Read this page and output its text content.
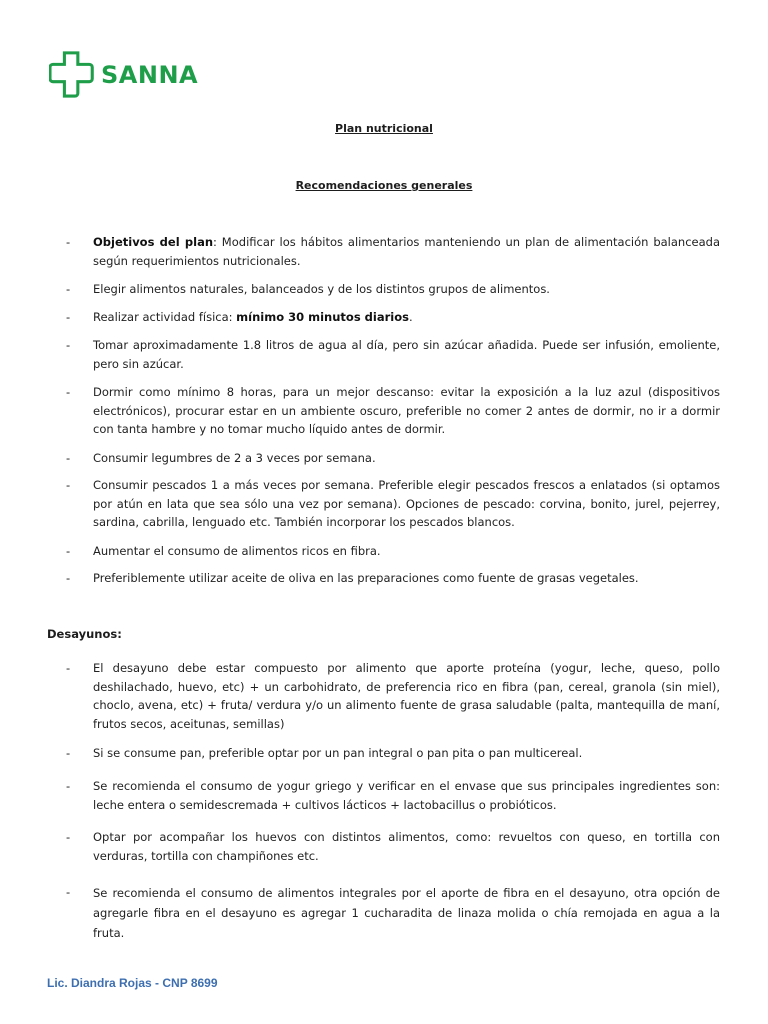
SANNA
Plan nutricional
Recomendaciones generales
- Objetivos del plan: Modificar los hábitos alimentarios manteniendo un plan de alimentación balanceada según requerimientos nutricionales.
- Elegir alimentos naturales, balanceados y de los distintos grupos de alimentos.
- Realizar actividad física: mínimo 30 minutos diarios.
- Tomar aproximadamente 1.8 litros de agua al día, pero sin azúcar añadida. Puede ser infusión, emoliente, pero sin azúcar.
- Dormir como mínimo 8 horas, para un mejor descanso: evitar la exposición a la luz azul (dispositivos electrónicos), procurar estar en un ambiente oscuro, preferible no comer 2 antes de dormir, no ir a dormir con tanta hambre y no tomar mucho líquido antes de dormir.
- Consumir legumbres de 2 a 3 veces por semana.
- Consumir pescados 1 a más veces por semana. Preferible elegir pescados frescos a enlatados (si optamos por atún en lata que sea sólo una vez por semana). Opciones de pescado: corvina, bonito, jurel, pejerrey, sardina, cabrilla, lenguado etc. También incorporar los pescados blancos.
- Aumentar el consumo de alimentos ricos en fibra.
- Preferiblemente utilizar aceite de oliva en las preparaciones como fuente de grasas vegetales.
Desayunos:
- El desayuno debe estar compuesto por alimento que aporte proteína (yogur, leche, queso, pollo deshilachado, huevo, etc) + un carbohidrato, de preferencia rico en fibra (pan, cereal, granola (sin miel), choclo, avena, etc) + fruta/ verdura y/o un alimento fuente de grasa saludable (palta, mantequilla de maní, frutos secos, aceitunas, semillas)
- Si se consume pan, preferible optar por un pan integral o pan pita o pan multicereal.
- Se recomienda el consumo de yogur griego y verificar en el envase que sus principales ingredientes son: leche entera o semidescremada + cultivos lácticos + lactobacillus o probióticos.
- Optar por acompañar los huevos con distintos alimentos, como: revueltos con queso, en tortilla con verduras, tortilla con champiñones etc.
- Se recomienda el consumo de alimentos integrales por el aporte de fibra en el desayuno, otra opción de agregarle fibra en el desayuno es agregar 1 cucharadita de linaza molida o chía remojada en agua a la fruta.
Lic. Diandra Rojas - CNP 8699
